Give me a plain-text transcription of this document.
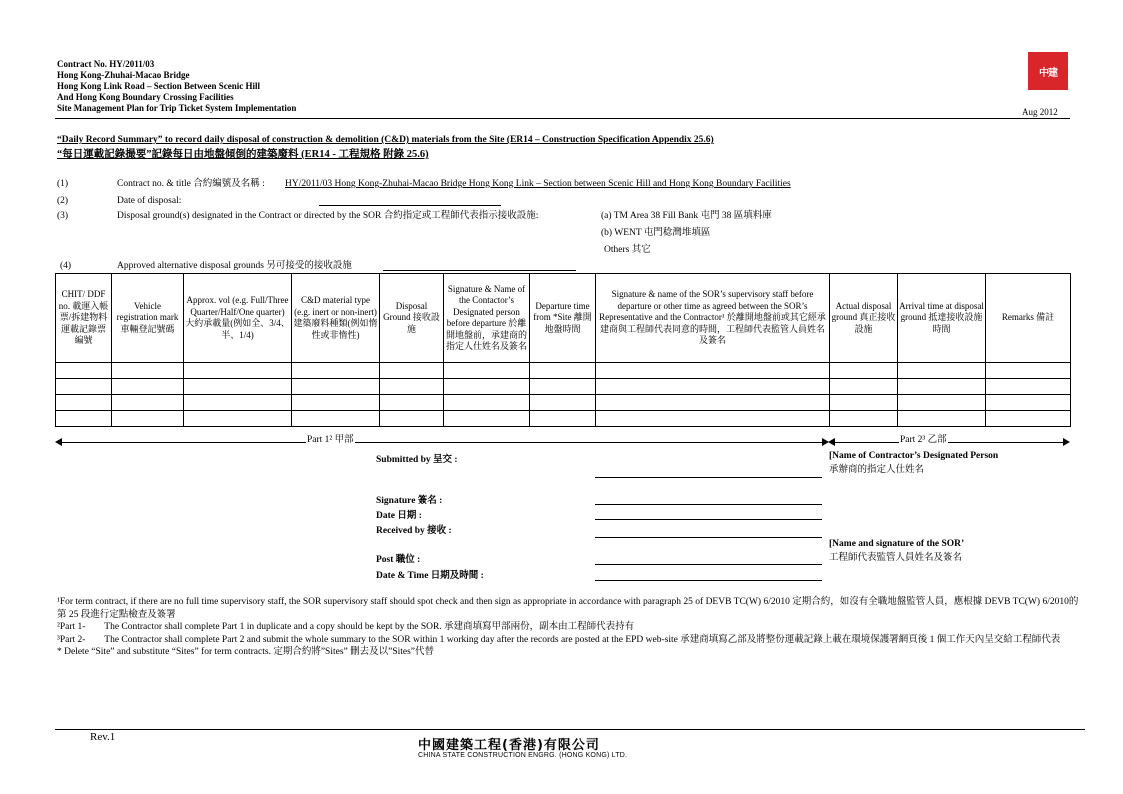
Contract No. HY/2011/03
Hong Kong-Zhuhai-Macao Bridge
Hong Kong Link Road – Section Between Scenic Hill
And Hong Kong Boundary Crossing Facilities
Site Management Plan for Trip Ticket System Implementation
中建
Aug 2012
“Daily Record Summary” to record daily disposal of construction & demolition (C&D) materials from the Site (ER14 – Construction Specification Appendix 25.6)
“每日運載記錄撮要”記錄每日由地盤傾倒的建築廢料 (ER14 - 工程規格 附錄 25.6)
(1)	Contract no. & title 合約編號及名稱 : HY/2011/03 Hong Kong-Zhuhai-Macao Bridge Hong Kong Link – Section between Scenic Hill and Hong Kong Boundary Facilities
(2)	Date of disposal:
(3)	Disposal ground(s) designated in the Contract or directed by the SOR 合約指定或工程師代表指示接收設施:	(a) TM Area 38 Fill Bank 屯門 38 區填料庫
(b) WENT 屯門稔灣堆填區
Others 其它
(4)	Approved alternative disposal grounds 另可接受的接收設施
CHIT/ DDF no. 載運入帳票/拆建物料運載記錄票編號	Vehicle registration mark 車輛登記號碼	Approx. vol (e.g. Full/Three Quarter/Half/One quarter) 大約承載量(例如全、3/4、半、1/4)	C&D material type (e.g. inert or non-inert) 建築廢料種類(例如惰性或非惰性)	Disposal Ground 接收設施	Signature & Name of the Contactor’s Designated person before departure 於離開地盤前，承建商的指定人仕姓名及簽名	Departure time from *Site 離開地盤時間	Signature & name of the SOR’s supervisory staff before departure or other time as agreed between the SOR’s Representative and the Contractor¹ 於離開地盤前或其它經承建商與工程師代表同意的時間，工程師代表監管人員姓名及簽名	Actual disposal ground 真正接收設施	Arrival time at disposal ground 抵達接收設施時間	Remarks 備註

Part 1² 甲部	Part 2³ 乙部
Submitted by 呈交 :
Signature 簽名 :
Date 日期 :
Received by 接收 :
Post 職位 :
Date & Time 日期及時間 :
[Name of Contractor’s Designated Person
承辦商的指定人仕姓名
[Name and signature of the SOR’
工程師代表監管人員姓名及簽名
¹For term contract, if there are no full time supervisory staff, the SOR supervisory staff should spot check and then sign as appropriate in accordance with paragraph 25 of DEVB TC(W) 6/2010 定期合約，如沒有全職地盤監管人員，應根據 DEVB TC(W) 6/2010的第 25 段進行定點檢查及簽署
²Part 1-        The Contractor shall complete Part 1 in duplicate and a copy should be kept by the SOR. 承建商填寫甲部兩份，副本由工程師代表持有
³Part 2-        The Contractor shall complete Part 2 and submit the whole summary to the SOR within 1 working day after the records are posted at the EPD web-site 承建商填寫乙部及將整份運載記錄上載在環境保護署網頁後 1 個工作天內呈交給工程師代表
* Delete “Site” and substitute “Sites” for term contracts. 定期合約將”Sites” 刪去及以”Sites”代替
Rev.1
中國建築工程(香港)有限公司
CHINA STATE CONSTRUCTION ENGRG. (HONG KONG) LTD.
